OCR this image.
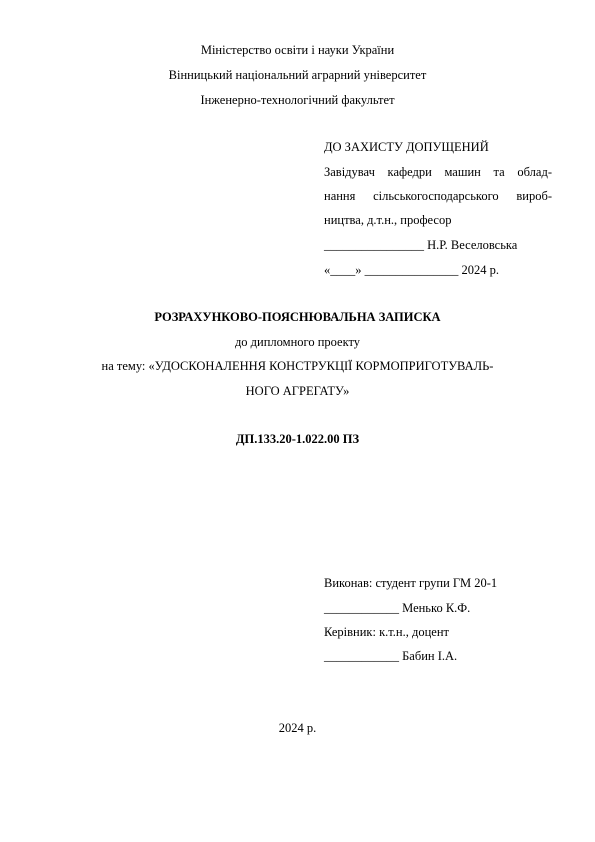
Міністерство освіти і науки України
Вінницький національний аграрний університет
Інженерно-технологічний факультет
ДО ЗАХИСТУ ДОПУЩЕНИЙ
Завідувач кафедри машин та облад-
нання сільськогосподарського вироб-
ництва, д.т.н., професор
________________ Н.Р. Веселовська
«____» _______________ 2024 р.
РОЗРАХУНКОВО-ПОЯСНЮВАЛЬНА ЗАПИСКА
до дипломного проекту
на тему: «УДОСКОНАЛЕННЯ КОНСТРУКЦІЇ КОРМОПРИГОТУВАЛЬ-
НОГО АГРЕГАТУ»
ДП.133.20-1.022.00 ПЗ
Виконав: студент групи ГМ 20-1
____________ Менько К.Ф.
Керівник: к.т.н., доцент
____________ Бабин І.А.
2024 р.
